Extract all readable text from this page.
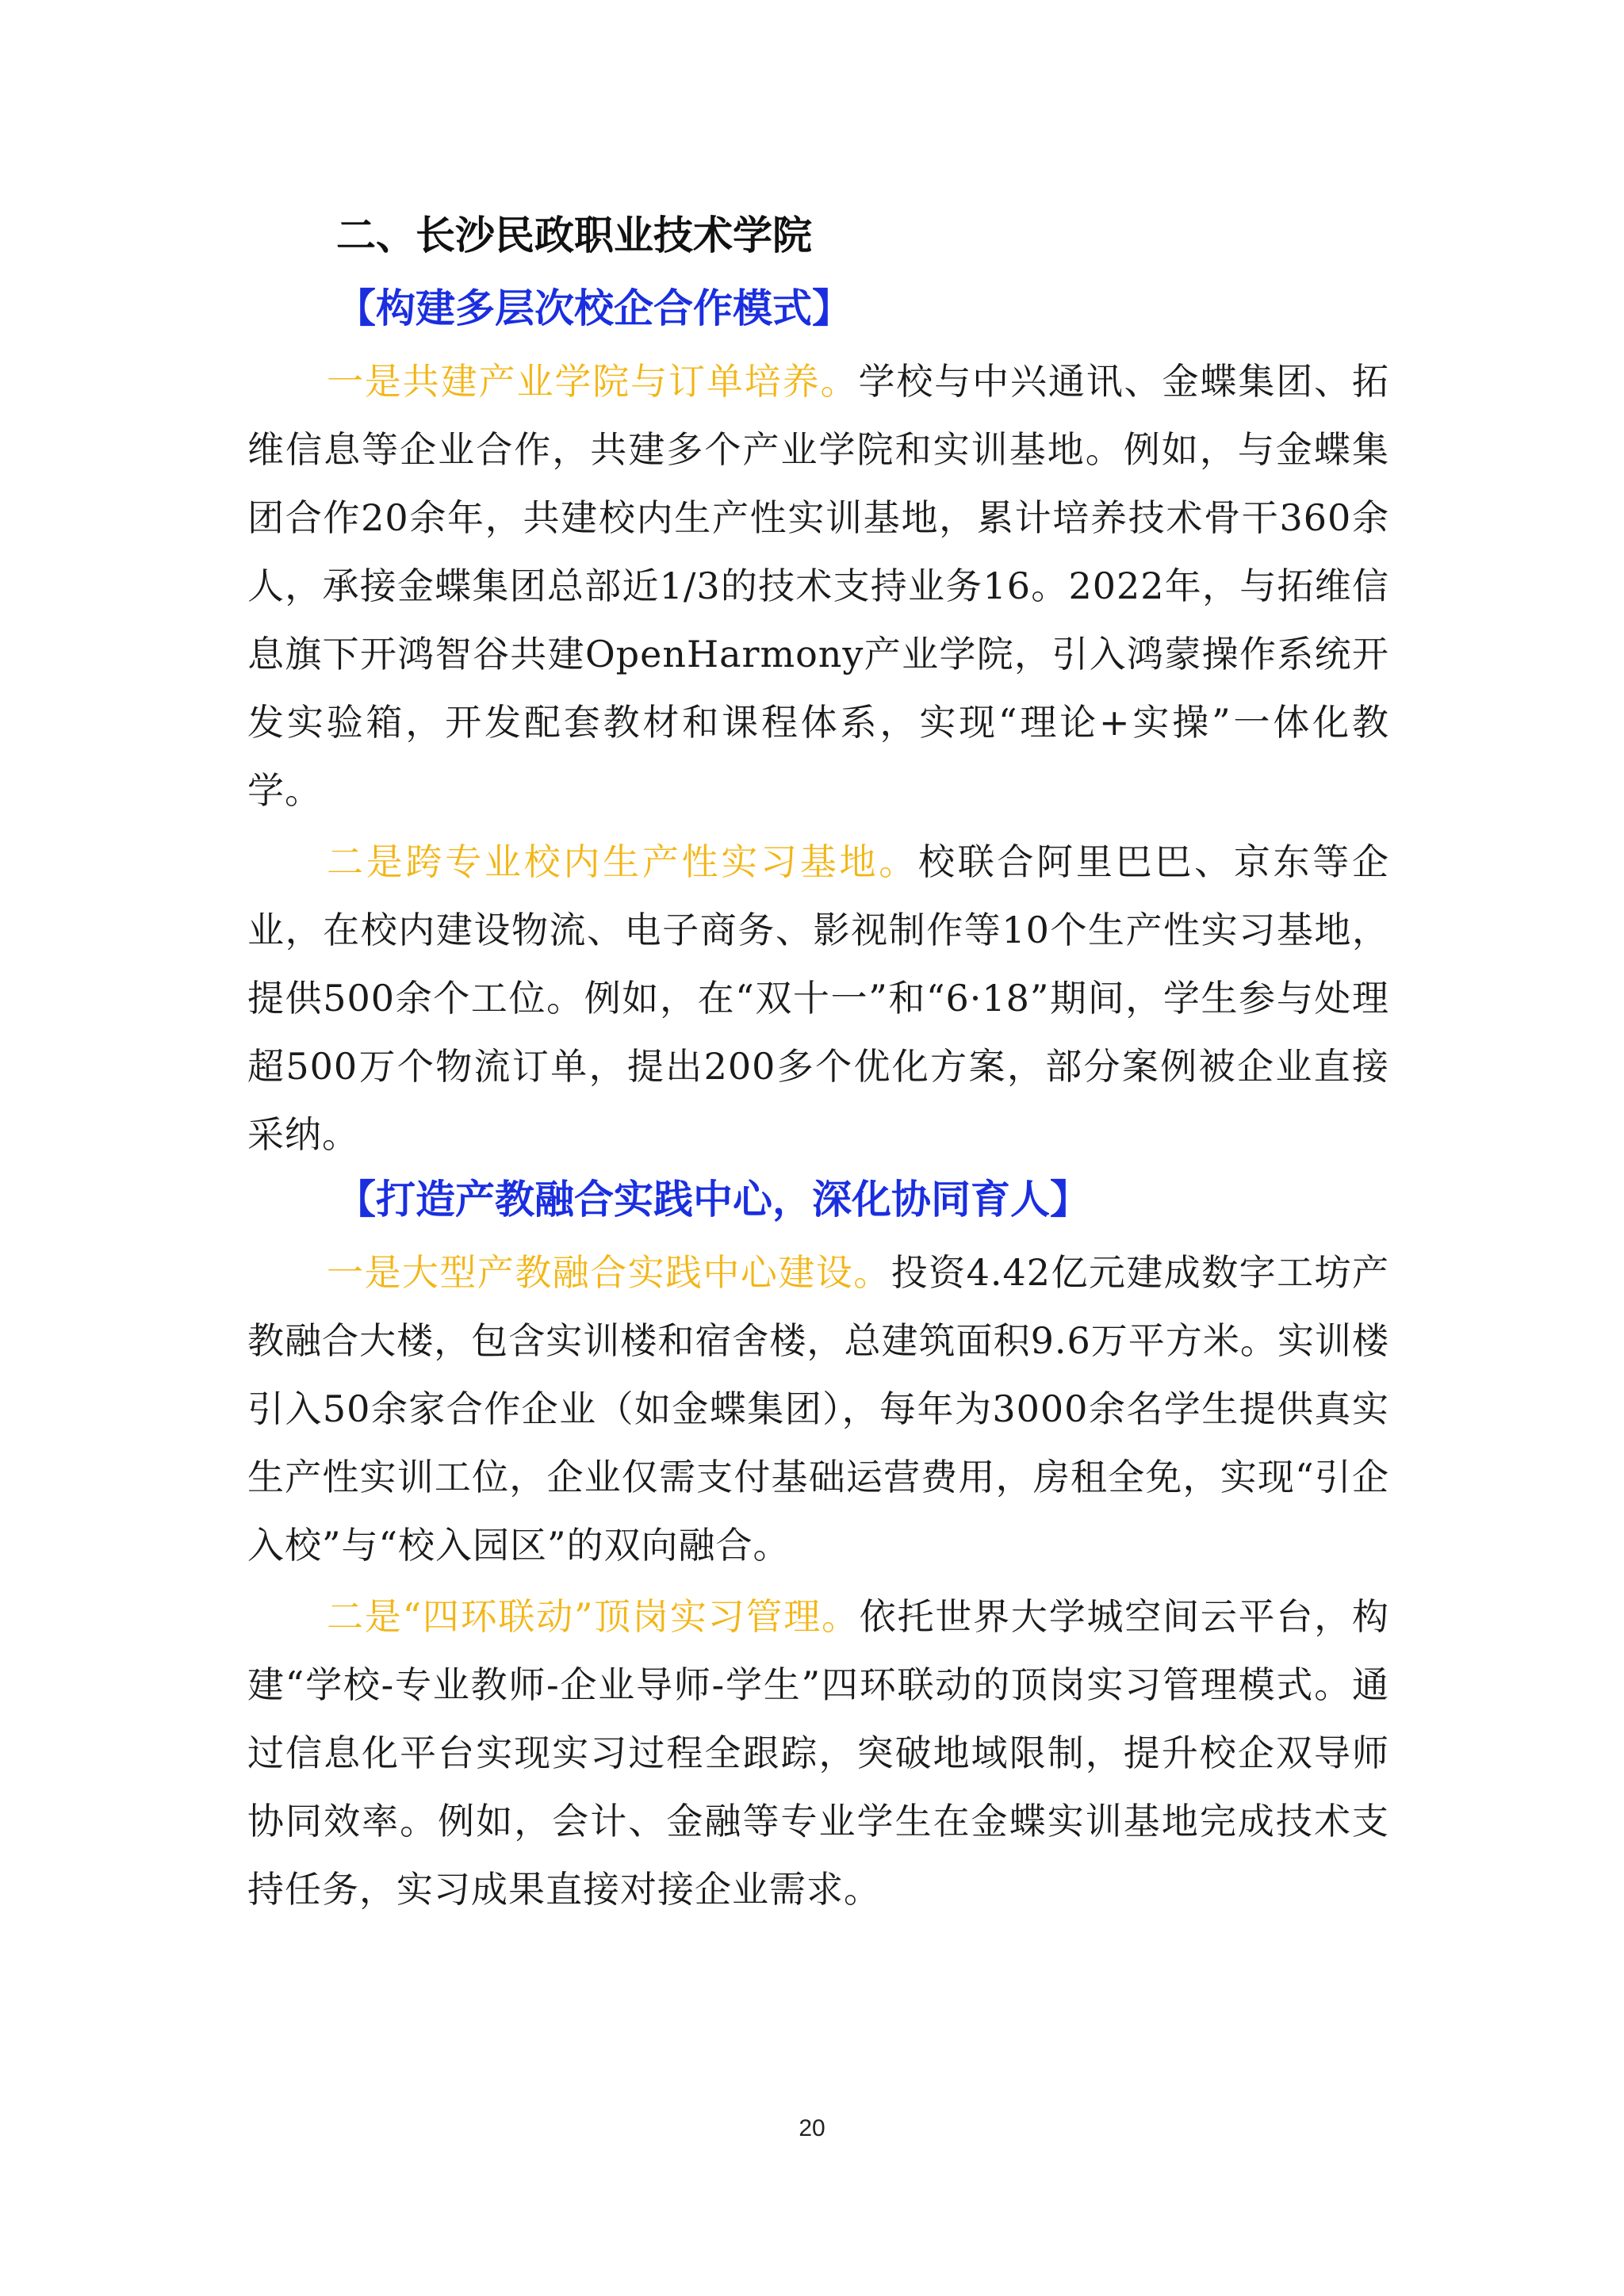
二、长沙民政职业技术学院
【构建多层次校企合作模式】

一是共建产业学院与订单培养。学校与中兴通讯、金蝶集团、拓维信息等企业合作，共建多个产业学院和实训基地。例如，与金蝶集团合作20余年，共建校内生产性实训基地，累计培养技术骨干360余人，承接金蝶集团总部近1/3的技术支持业务16。2022年，与拓维信息旗下开鸿智谷共建OpenHarmony产业学院，引入鸿蒙操作系统开发实验箱，开发配套教材和课程体系，实现“理论+实操”一体化教学。

二是跨专业校内生产性实习基地。校联合阿里巴巴、京东等企业，在校内建设物流、电子商务、影视制作等10个生产性实习基地，提供500余个工位。例如，在“双十一”和“6·18”期间，学生参与处理超500万个物流订单，提出200多个优化方案，部分案例被企业直接采纳。

【打造产教融合实践中心，深化协同育人】

一是大型产教融合实践中心建设。投资4.42亿元建成数字工坊产教融合大楼，包含实训楼和宿舍楼，总建筑面积9.6万平方米。实训楼引入50余家合作企业（如金蝶集团），每年为3000余名学生提供真实生产性实训工位，企业仅需支付基础运营费用，房租全免，实现“引企入校”与“校入园区”的双向融合。

二是“四环联动”顶岗实习管理。依托世界大学城空间云平台，构建“学校-专业教师-企业导师-学生”四环联动的顶岗实习管理模式。通过信息化平台实现实习过程全跟踪，突破地域限制，提升校企双导师协同效率。例如，会计、金融等专业学生在金蝶实训基地完成技术支持任务，实习成果直接对接企业需求。

20
